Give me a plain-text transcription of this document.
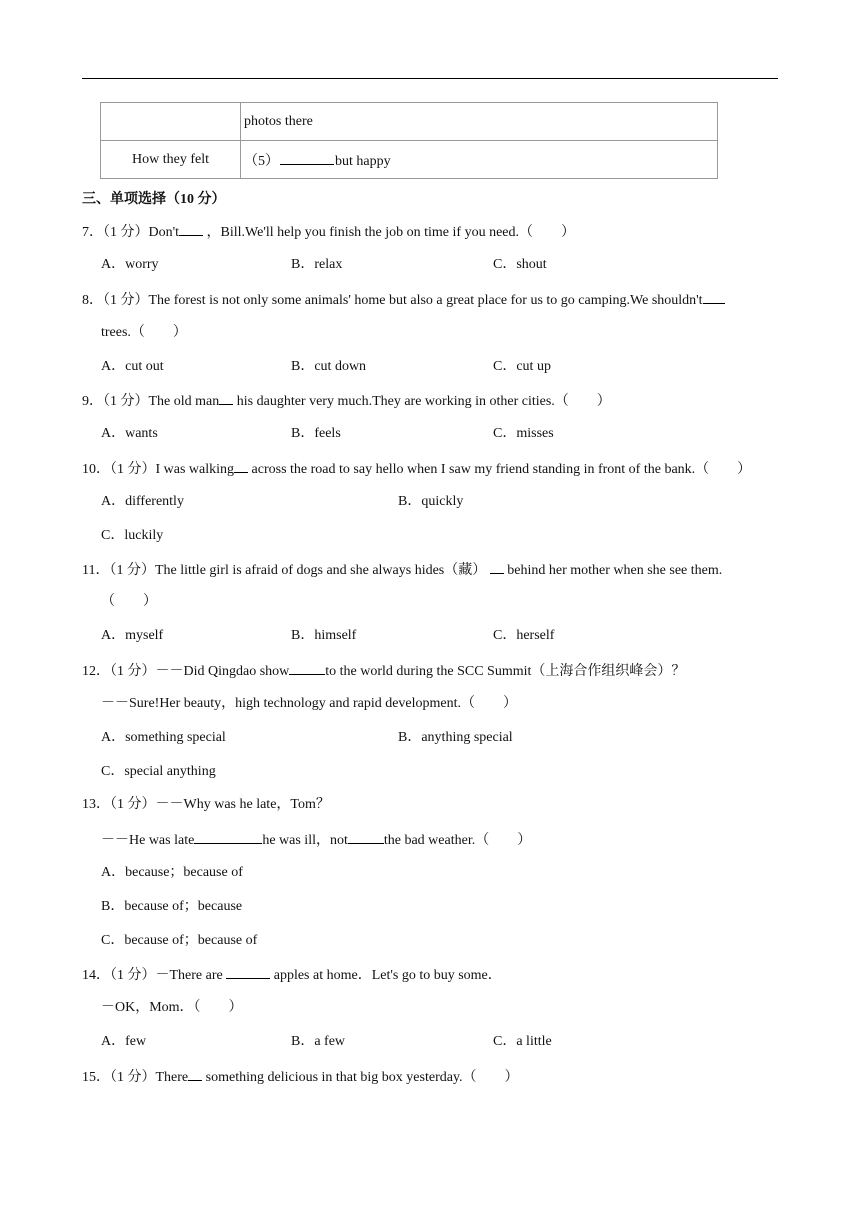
	photos there
How they felt	（5） but happy
三、单项选择（10 分）
7．（1 分）Don't ，Bill.We'll help you finish the job on time if you need.（　　）
A．worry	B．relax	C．shout
8．（1 分）The forest is not only some animals' home but also a great place for us to go camping.We shouldn't
trees.（　　）
A．cut out	B．cut down	C．cut up
9．（1 分）The old man his daughter very much.They are working in other cities.（　　）
A．wants	B．feels	C．misses
10．（1 分）I was walking across the road to say hello when I saw my friend standing in front of the bank.（　　）
A．differently	B．quickly
C．luckily
11．（1 分）The little girl is afraid of dogs and she always hides（藏） behind her mother when she see them.
（　　）
A．myself	B．himself	C．herself
12．（1 分）－－Did Qingdao show	to the world during the SCC Summit（上海合作组织峰会）？
－－Sure!Her beauty，high technology and rapid development.（　　）
A．something special	B．anything special
C．special anything
13．（1 分）－－Why was he late，Tom？
－－He was late	he was ill，not	the bad weather.（　　）
A．because；because of
B．because of；because
C．because of；because of
14．（1 分）－There are	apples at home．Let's go to buy some．
－OK，Mom．（　　）
A．few	B．a few	C．a little
15．（1 分）There something delicious in that big box yesterday.（　　）
